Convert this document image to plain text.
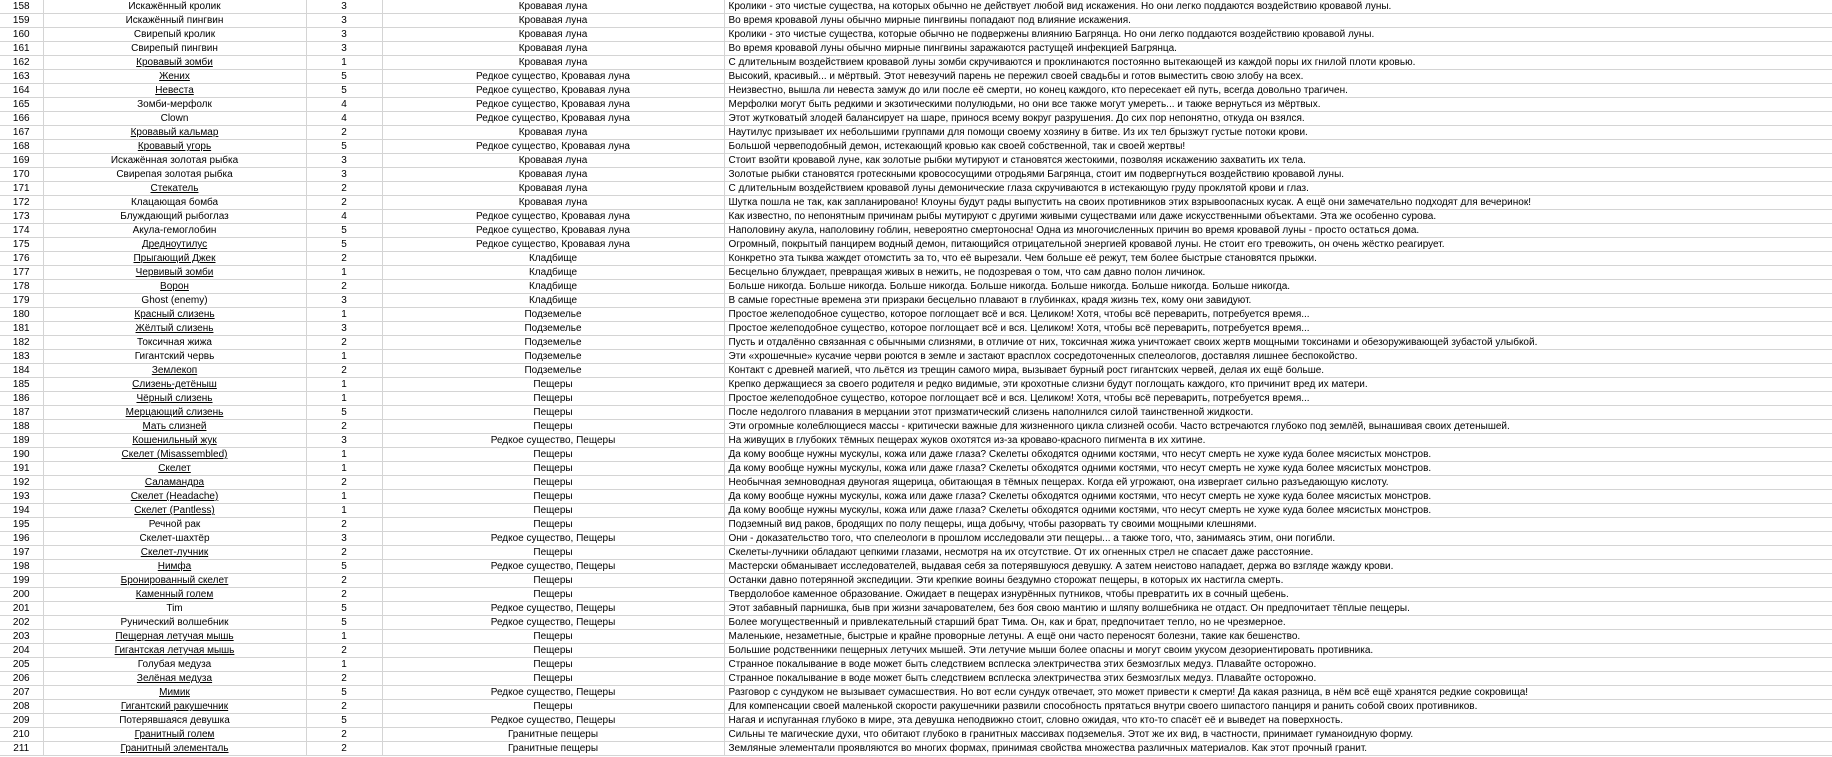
158	Искажённый кролик	3	Кровавая луна	Кролики - это чистые существа, на которых обычно не действует любой вид искажения. Но они легко поддаются воздействию кровавой луны.
159	Искажённый пингвин	3	Кровавая луна	Во время кровавой луны обычно мирные пингвины попадают под влияние искажения.
160	Свирепый кролик	3	Кровавая луна	Кролики - это чистые существа, которые обычно не подвержены влиянию Багрянца. Но они легко поддаются воздействию кровавой луны.
161	Свирепый пингвин	3	Кровавая луна	Во время кровавой луны обычно мирные пингвины заражаются растущей инфекцией Багрянца.
162	Кровавый зомби	1	Кровавая луна	С длительным воздействием кровавой луны зомби скручиваются и проклинаются постоянно вытекающей из каждой поры их гнилой плоти кровью.
163	Жених	5	Редкое существо, Кровавая луна	Высокий, красивый... и мёртвый. Этот невезучий парень не пережил своей свадьбы и готов выместить свою злобу на всех.
164	Невеста	5	Редкое существо, Кровавая луна	Неизвестно, вышла ли невеста замуж до или после её смерти, но конец каждого, кто пересекает ей путь, всегда довольно трагичен.
165	Зомби-мерфолк	4	Редкое существо, Кровавая луна	Мерфолки могут быть редкими и экзотическими полулюдьми, но они все также могут умереть... и также вернуться из мёртвых.
166	Clown	4	Редкое существо, Кровавая луна	Этот жутковатый злодей балансирует на шаре, принося всему вокруг разрушения. До сих пор непонятно, откуда он взялся.
167	Кровавый кальмар	2	Кровавая луна	Наутилус призывает их небольшими группами для помощи своему хозяину в битве. Из их тел брызжут густые потоки крови.
168	Кровавый угорь	5	Редкое существо, Кровавая луна	Большой червеподобный демон, истекающий кровью как своей собственной, так и своей жертвы!
169	Искажённая золотая рыбка	3	Кровавая луна	Стоит взойти кровавой луне, как золотые рыбки мутируют и становятся жестокими, позволяя искажению захватить их тела.
170	Свирепая золотая рыбка	3	Кровавая луна	Золотые рыбки становятся гротескными кровососущими отродьями Багрянца, стоит им подвергнуться воздействию кровавой луны.
171	Стекатель	2	Кровавая луна	С длительным воздействием кровавой луны демонические глаза скручиваются в истекающую груду проклятой крови и глаз.
172	Клацающая бомба	2	Кровавая луна	Шутка пошла не так, как запланировано! Клоуны будут рады выпустить на своих противников этих взрывоопасных кусак. А ещё они замечательно подходят для вечеринок!
173	Блуждающий рыбоглаз	4	Редкое существо, Кровавая луна	Как известно, по непонятным причинам рыбы мутируют с другими живыми существами или даже искусственными объектами. Эта же особенно сурова.
174	Акула-гемоглобин	5	Редкое существо, Кровавая луна	Наполовину акула, наполовину гоблин, невероятно смертоносна! Одна из многочисленных причин во время кровавой луны - просто остаться дома.
175	Дредноутилус	5	Редкое существо, Кровавая луна	Огромный, покрытый панцирем водный демон, питающийся отрицательной энергией кровавой луны. Не стоит его тревожить, он очень жёстко реагирует.
176	Прыгающий Джек	2	Кладбище	Конкретно эта тыква жаждет отомстить за то, что её вырезали. Чем больше её режут, тем более быстрые становятся прыжки.
177	Червивый зомби	1	Кладбище	Бесцельно блуждает, превращая живых в нежить, не подозревая о том, что сам давно полон личинок.
178	Ворон	2	Кладбище	Больше никогда. Больше никогда. Больше никогда. Больше никогда. Больше никогда. Больше никогда. Больше никогда.
179	Ghost (enemy)	3	Кладбище	В самые горестные времена эти призраки бесцельно плавают в глубинках, крадя жизнь тех, кому они завидуют.
180	Красный слизень	1	Подземелье	Простое желеподобное существо, которое поглощает всё и вся. Целиком! Хотя, чтобы всё переварить, потребуется время...
181	Жёлтый слизень	3	Подземелье	Простое желеподобное существо, которое поглощает всё и вся. Целиком! Хотя, чтобы всё переварить, потребуется время...
182	Токсичная жижа	2	Подземелье	Пусть и отдалённо связанная с обычными слизнями, в отличие от них, токсичная жижа уничтожает своих жертв мощными токсинами и обезоруживающей зубастой улыбкой.
183	Гигантский червь	1	Подземелье	Эти «хрошечные» кусачие черви роются в земле и застают врасплох сосредоточенных спелеологов, доставляя лишнее беспокойство.
184	Землекоп	2	Подземелье	Контакт с древней магией, что льётся из трещин самого мира, вызывает бурный рост гигантских червей, делая их ещё больше.
185	Слизень-детёныш	1	Пещеры	Крепко держащиеся за своего родителя и редко видимые, эти крохотные слизни будут поглощать каждого, кто причинит вред их матери.
186	Чёрный слизень	1	Пещеры	Простое желеподобное существо, которое поглощает всё и вся. Целиком! Хотя, чтобы всё переварить, потребуется время...
187	Мерцающий слизень	5	Пещеры	После недолгого плавания в мерцании этот призматический слизень наполнился силой таинственной жидкости.
188	Мать слизней	2	Пещеры	Эти огромные колеблющиеся массы - критически важные для жизненного цикла слизней особи. Часто встречаются глубоко под землёй, вынашивая своих детенышей.
189	Кошенильный жук	3	Редкое существо, Пещеры	На живущих в глубоких тёмных пещерах жуков охотятся из-за кроваво-красного пигмента в их хитине.
190	Скелет (Misassembled)	1	Пещеры	Да кому вообще нужны мускулы, кожа или даже глаза? Скелеты обходятся одними костями, что несут смерть не хуже куда более мясистых монстров.
191	Скелет	1	Пещеры	Да кому вообще нужны мускулы, кожа или даже глаза? Скелеты обходятся одними костями, что несут смерть не хуже куда более мясистых монстров.
192	Саламандра	2	Пещеры	Необычная земноводная двуногая ящерица, обитающая в тёмных пещерах. Когда ей угрожают, она извергает сильно разъедающую кислоту.
193	Скелет (Headache)	1	Пещеры	Да кому вообще нужны мускулы, кожа или даже глаза? Скелеты обходятся одними костями, что несут смерть не хуже куда более мясистых монстров.
194	Скелет (Pantless)	1	Пещеры	Да кому вообще нужны мускулы, кожа или даже глаза? Скелеты обходятся одними костями, что несут смерть не хуже куда более мясистых монстров.
195	Речной рак	2	Пещеры	Подземный вид раков, бродящих по полу пещеры, ища добычу, чтобы разорвать ту своими мощными клешнями.
196	Скелет-шахтёр	3	Редкое существо, Пещеры	Они - доказательство того, что спелеологи в прошлом исследовали эти пещеры... а также того, что, занимаясь этим, они погибли.
197	Скелет-лучник	2	Пещеры	Скелеты-лучники обладают цепкими глазами, несмотря на их отсутствие. От их огненных стрел не спасает даже расстояние.
198	Нимфа	5	Редкое существо, Пещеры	Мастерски обманывает исследователей, выдавая себя за потерявшуюся девушку. А затем неистово нападает, держа во взгляде жажду крови.
199	Бронированный скелет	2	Пещеры	Останки давно потерянной экспедиции. Эти крепкие воины бездумно сторожат пещеры, в которых их настигла смерть.
200	Каменный голем	2	Пещеры	Твердолобое каменное образование. Ожидает в пещерах изнурённых путников, чтобы превратить их в сочный щебень.
201	Tim	5	Редкое существо, Пещеры	Этот забавный парнишка, быв при жизни зачарователем, без боя свою мантию и шляпу волшебника не отдаст. Он предпочитает тёплые пещеры.
202	Рунический волшебник	5	Редкое существо, Пещеры	Более могущественный и привлекательный старший брат Тима. Он, как и брат, предпочитает тепло, но не чрезмерное.
203	Пещерная летучая мышь	1	Пещеры	Маленькие, незаметные, быстрые и крайне проворные летуны. А ещё они часто переносят болезни, такие как бешенство.
204	Гигантская летучая мышь	2	Пещеры	Большие родственники пещерных летучих мышей. Эти летучие мыши более опасны и могут своим укусом дезориентировать противника.
205	Голубая медуза	1	Пещеры	Странное покалывание в воде может быть следствием всплеска электричества этих безмозглых медуз. Плавайте осторожно.
206	Зелёная медуза	2	Пещеры	Странное покалывание в воде может быть следствием всплеска электричества этих безмозглых медуз. Плавайте осторожно.
207	Мимик	5	Редкое существо, Пещеры	Разговор с сундуком не вызывает сумасшествия. Но вот если сундук отвечает, это может привести к смерти! Да какая разница, в нём всё ещё хранятся редкие сокровища!
208	Гигантский ракушечник	2	Пещеры	Для компенсации своей маленькой скорости ракушечники развили способность прятаться внутри своего шипастого панциря и ранить собой своих противников.
209	Потерявшаяся девушка	5	Редкое существо, Пещеры	Нагая и испуганная глубоко в мире, эта девушка неподвижно стоит, словно ожидая, что кто-то спасёт её и выведет на поверхность.
210	Гранитный голем	2	Гранитные пещеры	Сильны те магические духи, что обитают глубоко в гранитных массивах подземелья. Этот же их вид, в частности, принимает гуманоидную форму.
211	Гранитный элементаль	2	Гранитные пещеры	Земляные элементали проявляются во многих формах, принимая свойства множества различных материалов. Как этот прочный гранит.
